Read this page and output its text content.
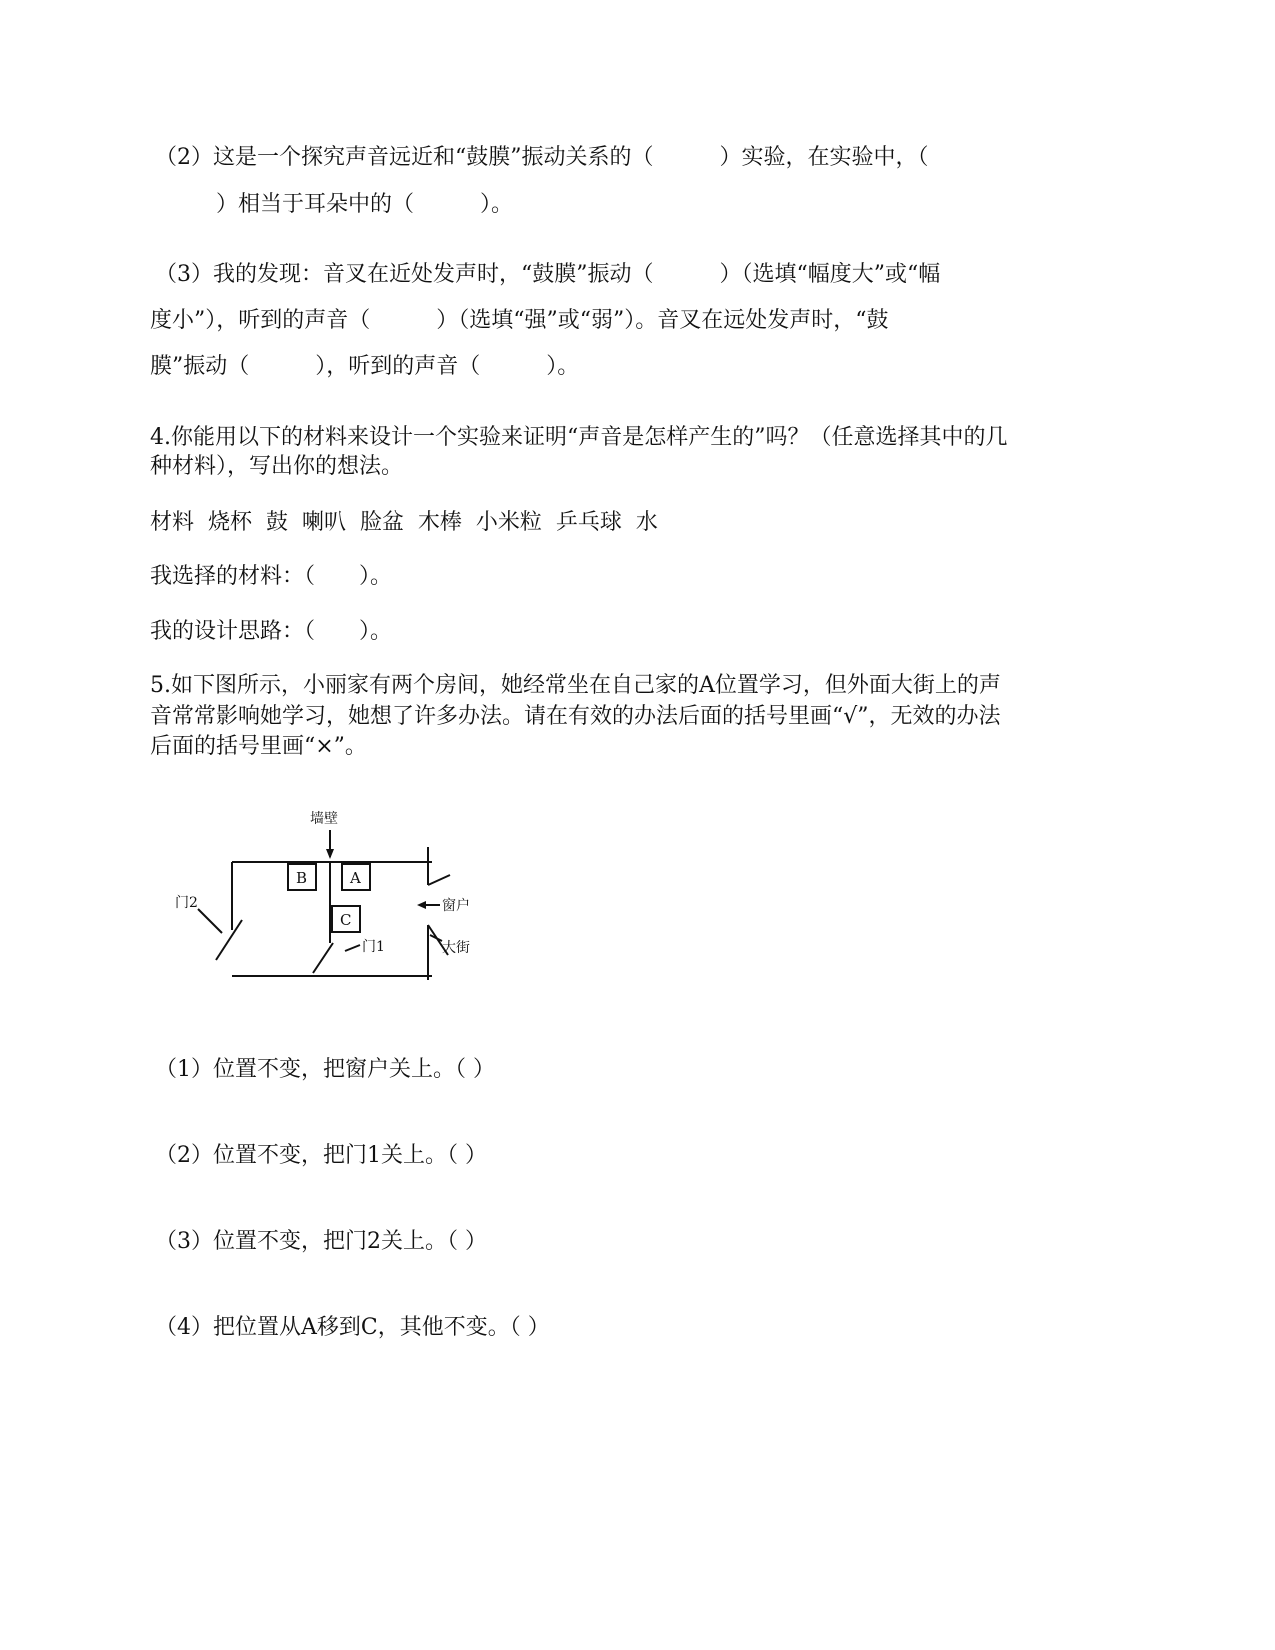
（2）这是一个探究声音远近和“鼓膜”振动关系的（　　　）实验，在实验中，（
　　　）相当于耳朵中的（　　　）。
（3）我的发现：音叉在近处发声时，“鼓膜”振动（　　　）（选填“幅度大”或“幅
度小”），听到的声音（　　　）（选填“强”或“弱”）。音叉在远处发声时，“鼓
膜”振动（　　　），听到的声音（　　　）。
4.你能用以下的材料来设计一个实验来证明“声音是怎样产生的”吗？（任意选择其中的几
种材料），写出你的想法。
材料  烧杯  鼓  喇叭  脸盆  木棒  小米粒  乒乓球  水
我选择的材料：（　　）。
我的设计思路：（　　）。
5.如下图所示，小丽家有两个房间，她经常坐在自己家的A位置学习，但外面大街上的声
音常常影响她学习，她想了许多办法。请在有效的办法后面的括号里画“√”，无效的办法
后面的括号里画“×”。
墙壁
B	A
C
门2
门1
窗户
大街
（1）位置不变，把窗户关上。（ ）
（2）位置不变，把门1关上。（ ）
（3）位置不变，把门2关上。（ ）
（4）把位置从A移到C，其他不变。（ ）
